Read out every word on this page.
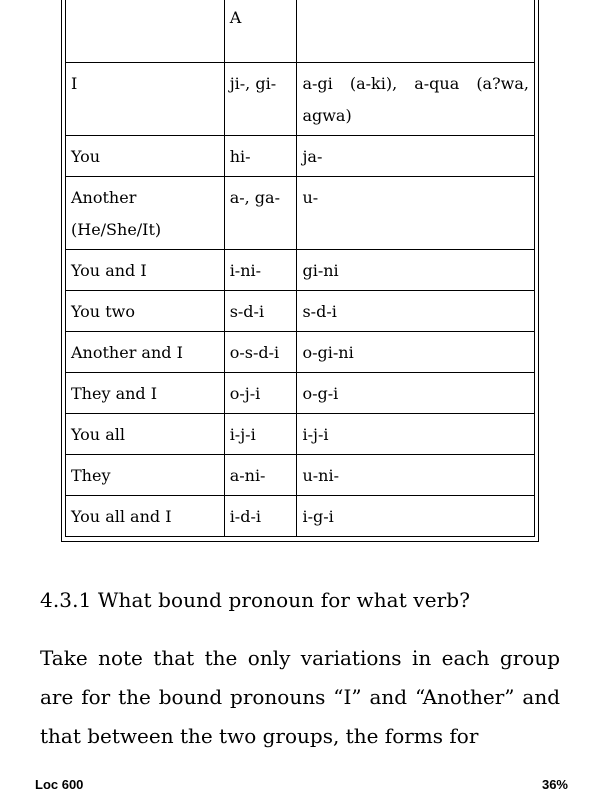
	A	
I	ji-, gi-	a-gi (a-ki), a-qua (a?wa, agwa)
You	hi-	ja-
Another (He/She/It)	a-, ga-	u-
You and I	i-ni-	gi-ni
You two	s-d-i	s-d-i
Another and I	o-s-d-i	o-gi-ni
They and I	o-j-i	o-g-i
You all	i-j-i	i-j-i
They	a-ni-	u-ni-
You all and I	i-d-i	i-g-i
4.3.1 What bound pronoun for what verb?

Take note that the only variations in each group are for the bound pronouns “I” and “Another” and that between the two groups, the forms for

Loc 600	36%
